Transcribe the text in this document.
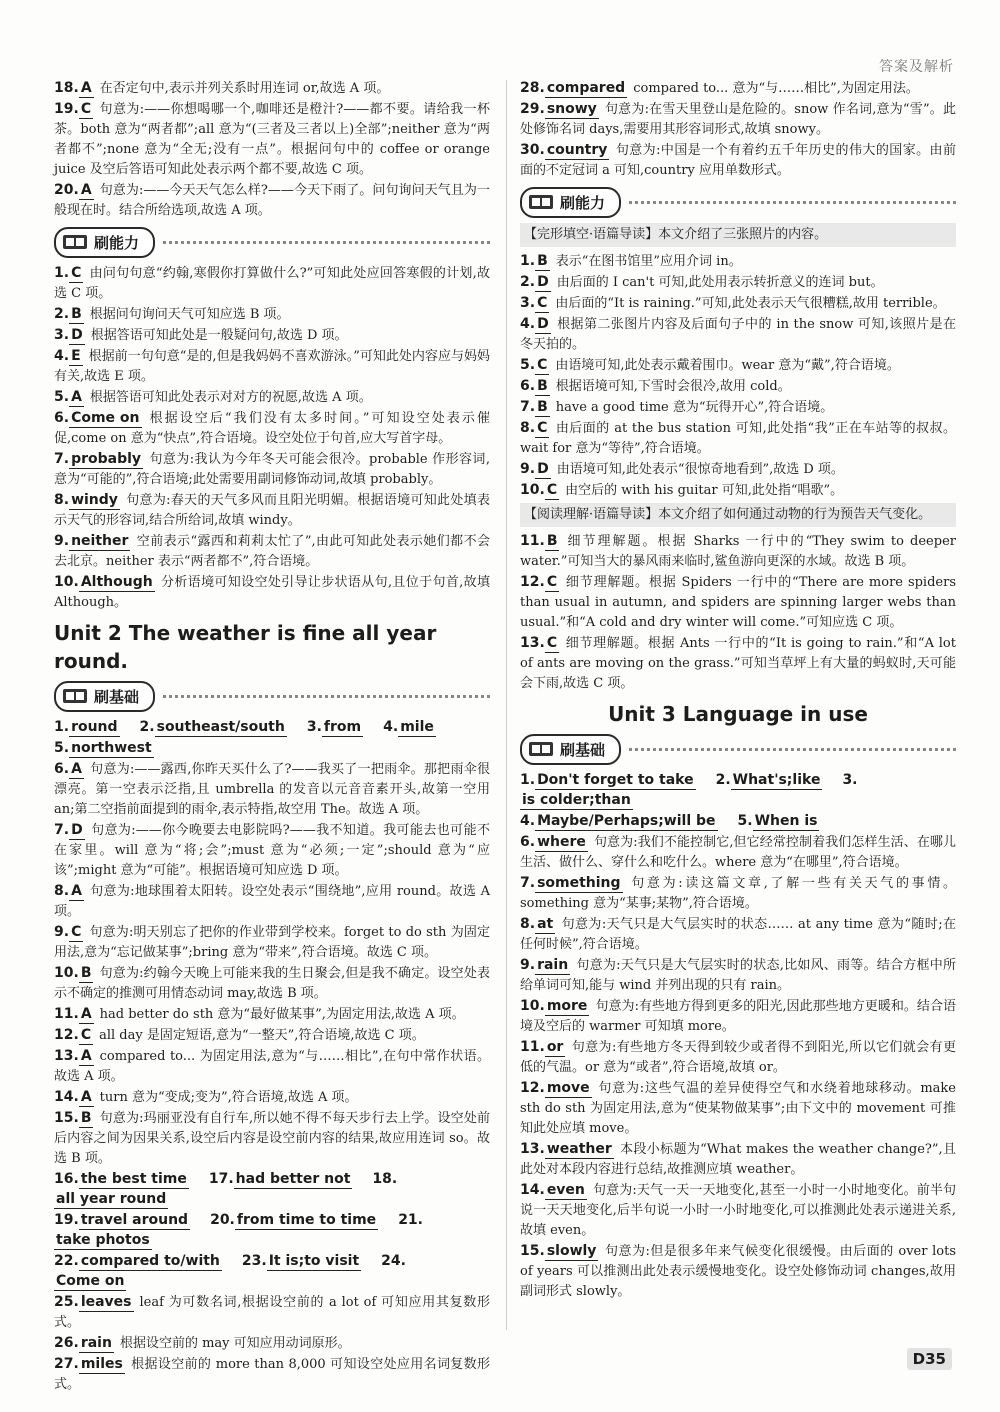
答案及解析
18. A 在否定句中,表示并列关系时用连词 or,故选 A 项。
19. C 句意为:——你想喝哪一个,咖啡还是橙汁?——都不要。请给我一杯茶。both 意为“两者都”;all 意为“(三者及三者以上)全部”;neither 意为“两者都不”;none 意为“全无;没有一点”。根据问句中的 coffee or orange juice 及空后答语可知此处表示两个都不要,故选 C 项。
20. A 句意为:——今天天气怎么样?——今天下雨了。问句询问天气且为一般现在时。结合所给选项,故选 A 项。
刷能力
1. C 由问句句意“约翰,寒假你打算做什么?”可知此处应回答寒假的计划,故选 C 项。
2. B 根据问句询问天气可知应选 B 项。
3. D 根据答语可知此处是一般疑问句,故选 D 项。
4. E 根据前一句句意“是的,但是我妈妈不喜欢游泳。”可知此处内容应与妈妈有关,故选 E 项。
5. A 根据答语可知此处表示对对方的祝愿,故选 A 项。
6. Come on 根据设空后“我们没有太多时间。”可知设空处表示催促,come on 意为“快点”,符合语境。设空处位于句首,应大写首字母。
7. probably 句意为:我认为今年冬天可能会很冷。probable 作形容词,意为“可能的”,符合语境;此处需要用副词修饰动词,故填 probably。
8. windy 句意为:春天的天气多风而且阳光明媚。根据语境可知此处填表示天气的形容词,结合所给词,故填 windy。
9. neither 空前表示“露西和莉莉太忙了”,由此可知此处表示她们都不会去北京。neither 表示“两者都不”,符合语境。
10. Although 分析语境可知设空处引导让步状语从句,且位于句首,故填 Although。
Unit 2 The weather is fine all year round.
刷基础
1. round 2. southeast/south 3. from 4. mile
5. northwest
6. A 句意为:——露西,你昨天买什么了?——我买了一把雨伞。那把雨伞很漂亮。第一空表示泛指,且 umbrella 的发音以元音音素开头,故第一空用 an;第二空指前面提到的雨伞,表示特指,故空用 The。故选 A 项。
7. D 句意为:——你今晚要去电影院吗?——我不知道。我可能去也可能不在家里。will 意为“将;会”;must 意为“必须;一定”;should 意为“应该”;might 意为“可能”。根据语境可知应选 D 项。
8. A 句意为:地球围着太阳转。设空处表示“围绕地”,应用 round。故选 A 项。
9. C 句意为:明天别忘了把你的作业带到学校来。forget to do sth 为固定用法,意为“忘记做某事”;bring 意为“带来”,符合语境。故选 C 项。
10. B 句意为:约翰今天晚上可能来我的生日聚会,但是我不确定。设空处表示不确定的推测可用情态动词 may,故选 B 项。
11. A had better do sth 意为“最好做某事”,为固定用法,故选 A 项。
12. C all day 是固定短语,意为“一整天”,符合语境,故选 C 项。
13. A compared to... 为固定用法,意为“与……相比”,在句中常作状语。故选 A 项。
14. A turn 意为“变成;变为”,符合语境,故选 A 项。
15. B 句意为:玛丽亚没有自行车,所以她不得不每天步行去上学。设空处前后内容之间为因果关系,设空后内容是设空前内容的结果,故应用连词 so。故选 B 项。
16. the best time 17. had better not 18.all year round
19. travel around 20. from time to time 21.take photos
22. compared to/with 23. It is;to visit 24.Come on
25. leaves leaf 为可数名词,根据设空前的 a lot of 可知应用其复数形式。
26. rain 根据设空前的 may 可知应用动词原形。
27. miles 根据设空前的 more than 8,000 可知设空处应用名词复数形式。
28. compared compared to... 意为“与……相比”,为固定用法。
29. snowy 句意为:在雪天里登山是危险的。snow 作名词,意为“雪”。此处修饰名词 days,需要用其形容词形式,故填 snowy。
30. country 句意为:中国是一个有着约五千年历史的伟大的国家。由前面的不定冠词 a 可知,country 应用单数形式。
刷能力
【完形填空·语篇导读】本文介绍了三张照片的内容。
1. B 表示“在图书馆里”应用介词 in。
2. D 由后面的 I can't 可知,此处用表示转折意义的连词 but。
3. C 由后面的“It is raining.”可知,此处表示天气很糟糕,故用 terrible。
4. D 根据第二张图片内容及后面句子中的 in the snow 可知,该照片是在冬天拍的。
5. C 由语境可知,此处表示戴着围巾。wear 意为“戴”,符合语境。
6. B 根据语境可知,下雪时会很冷,故用 cold。
7. B have a good time 意为“玩得开心”,符合语境。
8. C 由后面的 at the bus station 可知,此处指“我”正在车站等的叔叔。wait for 意为“等待”,符合语境。
9. D 由语境可知,此处表示“很惊奇地看到”,故选 D 项。
10. C 由空后的 with his guitar 可知,此处指“唱歌”。
【阅读理解·语篇导读】本文介绍了如何通过动物的行为预告天气变化。
11. B 细节理解题。根据 Sharks 一行中的“They swim to deeper water.”可知当大的暴风雨来临时,鲨鱼游向更深的水域。故选 B 项。
12. C 细节理解题。根据 Spiders 一行中的“There are more spiders than usual in autumn, and spiders are spinning larger webs than usual.”和“A cold and dry winter will come.”可知应选 C 项。
13. C 细节理解题。根据 Ants 一行中的“It is going to rain.”和“A lot of ants are moving on the grass.”可知当草坪上有大量的蚂蚁时,天可能会下雨,故选 C 项。
Unit 3 Language in use
刷基础
1. Don't forget to take 2. What's;like 3.is colder;than
4. Maybe/Perhaps;will be 5. When is
6. where 句意为:我们不能控制它,但它经常控制着我们怎样生活、在哪儿生活、做什么、穿什么和吃什么。where 意为“在哪里”,符合语境。
7. something 句意为:读这篇文章,了解一些有关天气的事情。something 意为“某事;某物”,符合语境。
8. at 句意为:天气只是大气层实时的状态…… at any time 意为“随时;在任何时候”,符合语境。
9. rain 句意为:天气只是大气层实时的状态,比如风、雨等。结合方框中所给单词可知,能与 wind 并列出现的只有 rain。
10. more 句意为:有些地方得到更多的阳光,因此那些地方更暖和。结合语境及空后的 warmer 可知填 more。
11. or 句意为:有些地方冬天得到较少或者得不到阳光,所以它们就会有更低的气温。or 意为“或者”,符合语境,故填 or。
12. move 句意为:这些气温的差异使得空气和水绕着地球移动。make sth do sth 为固定用法,意为“使某物做某事”;由下文中的 movement 可推知此处应填 move。
13. weather 本段小标题为“What makes the weather change?”,且此处对本段内容进行总结,故推测应填 weather。
14. even 句意为:天气一天一天地变化,甚至一小时一小时地变化。前半句说一天天地变化,后半句说一小时一小时地变化,可以推测此处表示递进关系,故填 even。
15. slowly 句意为:但是很多年来气候变化很缓慢。由后面的 over lots of years 可以推测出此处表示缓慢地变化。设空处修饰动词 changes,故用副词形式 slowly。
D35
